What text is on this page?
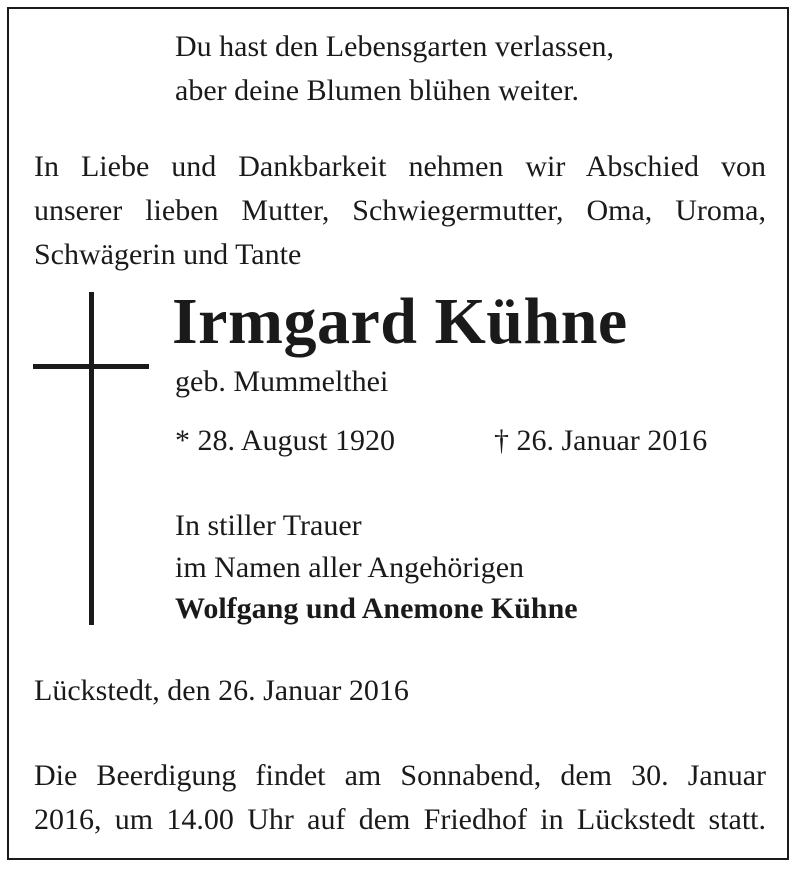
Du hast den Lebensgarten verlassen,
aber deine Blumen blühen weiter.
In Liebe und Dankbarkeit nehmen wir Abschied von
unserer lieben Mutter, Schwiegermutter, Oma, Uroma,
Schwägerin und Tante
Irmgard Kühne
geb. Mummelthei
* 28. August 1920	† 26. Januar 2016
In stiller Trauer
im Namen aller Angehörigen
Wolfgang und Anemone Kühne
Lückstedt, den 26. Januar 2016
Die Beerdigung findet am Sonnabend, dem 30. Januar
2016, um 14.00 Uhr auf dem Friedhof in Lückstedt statt.
